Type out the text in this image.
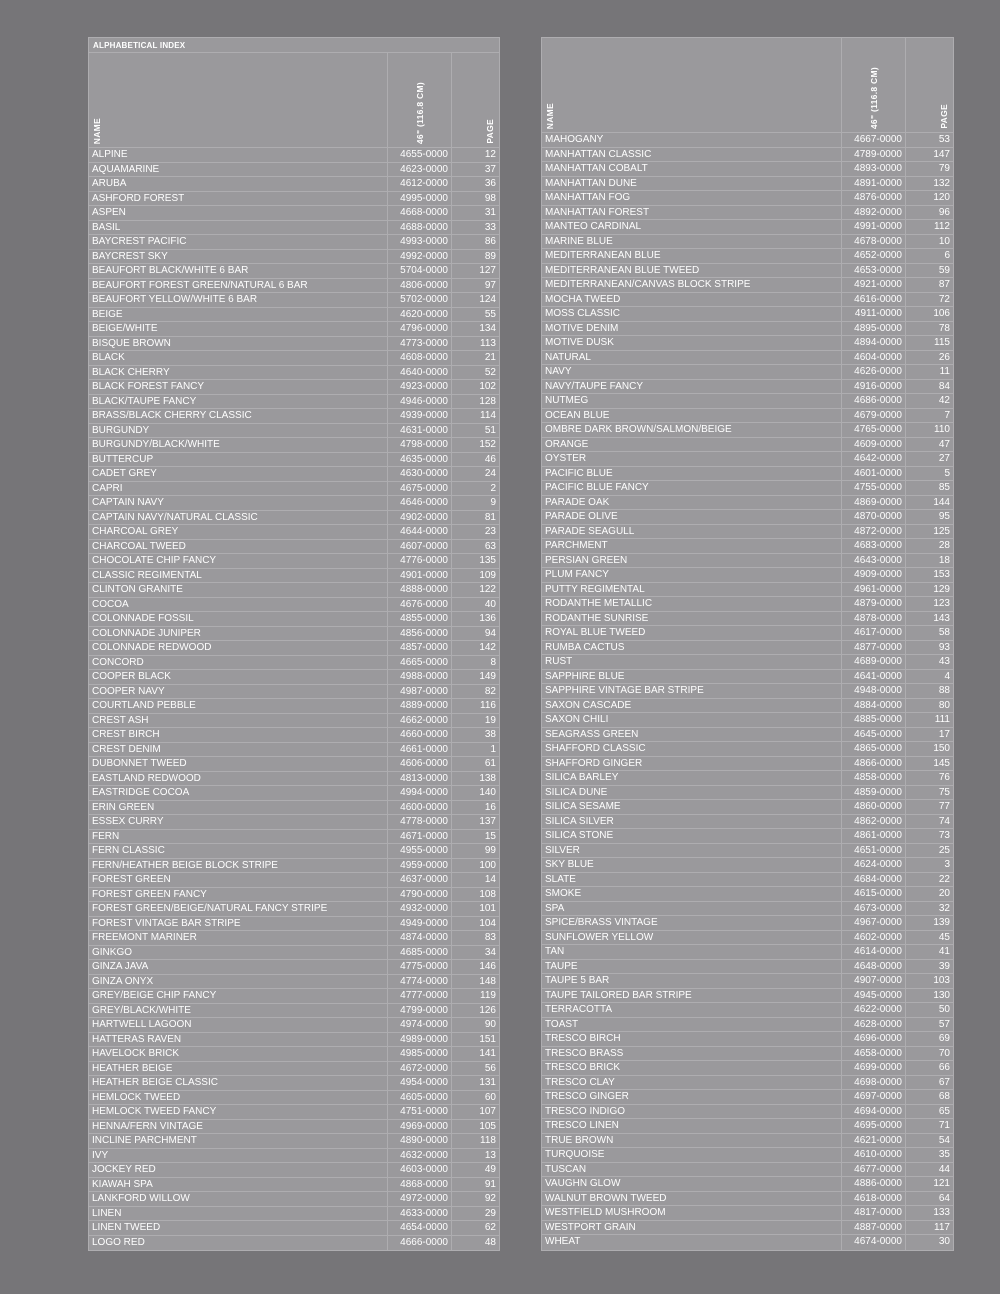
ALPHABETICAL INDEX
NAME	46" (116.8 CM)	PAGE
ALPINE	4655-0000	12
AQUAMARINE	4623-0000	37
ARUBA	4612-0000	36
ASHFORD FOREST	4995-0000	98
ASPEN	4668-0000	31
BASIL	4688-0000	33
BAYCREST PACIFIC	4993-0000	86
BAYCREST SKY	4992-0000	89
BEAUFORT BLACK/WHITE 6 BAR	5704-0000	127
BEAUFORT FOREST GREEN/NATURAL 6 BAR	4806-0000	97
BEAUFORT YELLOW/WHITE 6 BAR	5702-0000	124
BEIGE	4620-0000	55
BEIGE/WHITE	4796-0000	134
BISQUE BROWN	4773-0000	113
BLACK	4608-0000	21
BLACK CHERRY	4640-0000	52
BLACK FOREST FANCY	4923-0000	102
BLACK/TAUPE FANCY	4946-0000	128
BRASS/BLACK CHERRY CLASSIC	4939-0000	114
BURGUNDY	4631-0000	51
BURGUNDY/BLACK/WHITE	4798-0000	152
BUTTERCUP	4635-0000	46
CADET GREY	4630-0000	24
CAPRI	4675-0000	2
CAPTAIN NAVY	4646-0000	9
CAPTAIN NAVY/NATURAL CLASSIC	4902-0000	81
CHARCOAL GREY	4644-0000	23
CHARCOAL TWEED	4607-0000	63
CHOCOLATE CHIP FANCY	4776-0000	135
CLASSIC REGIMENTAL	4901-0000	109
CLINTON GRANITE	4888-0000	122
COCOA	4676-0000	40
COLONNADE FOSSIL	4855-0000	136
COLONNADE JUNIPER	4856-0000	94
COLONNADE REDWOOD	4857-0000	142
CONCORD	4665-0000	8
COOPER BLACK	4988-0000	149
COOPER NAVY	4987-0000	82
COURTLAND PEBBLE	4889-0000	116
CREST ASH	4662-0000	19
CREST BIRCH	4660-0000	38
CREST DENIM	4661-0000	1
DUBONNET TWEED	4606-0000	61
EASTLAND REDWOOD	4813-0000	138
EASTRIDGE COCOA	4994-0000	140
ERIN GREEN	4600-0000	16
ESSEX CURRY	4778-0000	137
FERN	4671-0000	15
FERN CLASSIC	4955-0000	99
FERN/HEATHER BEIGE BLOCK STRIPE	4959-0000	100
FOREST GREEN	4637-0000	14
FOREST GREEN FANCY	4790-0000	108
FOREST GREEN/BEIGE/NATURAL FANCY STRIPE	4932-0000	101
FOREST VINTAGE BAR STRIPE	4949-0000	104
FREEMONT MARINER	4874-0000	83
GINKGO	4685-0000	34
GINZA JAVA	4775-0000	146
GINZA ONYX	4774-0000	148
GREY/BEIGE CHIP FANCY	4777-0000	119
GREY/BLACK/WHITE	4799-0000	126
HARTWELL LAGOON	4974-0000	90
HATTERAS RAVEN	4989-0000	151
HAVELOCK BRICK	4985-0000	141
HEATHER BEIGE	4672-0000	56
HEATHER BEIGE CLASSIC	4954-0000	131
HEMLOCK TWEED	4605-0000	60
HEMLOCK TWEED FANCY	4751-0000	107
HENNA/FERN VINTAGE	4969-0000	105
INCLINE PARCHMENT	4890-0000	118
IVY	4632-0000	13
JOCKEY RED	4603-0000	49
KIAWAH SPA	4868-0000	91
LANKFORD WILLOW	4972-0000	92
LINEN	4633-0000	29
LINEN TWEED	4654-0000	62
LOGO RED	4666-0000	48
NAME	46" (116.8 CM)	PAGE
MAHOGANY	4667-0000	53
MANHATTAN CLASSIC	4789-0000	147
MANHATTAN COBALT	4893-0000	79
MANHATTAN DUNE	4891-0000	132
MANHATTAN FOG	4876-0000	120
MANHATTAN FOREST	4892-0000	96
MANTEO CARDINAL	4991-0000	112
MARINE BLUE	4678-0000	10
MEDITERRANEAN BLUE	4652-0000	6
MEDITERRANEAN BLUE TWEED	4653-0000	59
MEDITERRANEAN/CANVAS BLOCK STRIPE	4921-0000	87
MOCHA TWEED	4616-0000	72
MOSS CLASSIC	4911-0000	106
MOTIVE DENIM	4895-0000	78
MOTIVE DUSK	4894-0000	115
NATURAL	4604-0000	26
NAVY	4626-0000	11
NAVY/TAUPE FANCY	4916-0000	84
NUTMEG	4686-0000	42
OCEAN BLUE	4679-0000	7
OMBRE DARK BROWN/SALMON/BEIGE	4765-0000	110
ORANGE	4609-0000	47
OYSTER	4642-0000	27
PACIFIC BLUE	4601-0000	5
PACIFIC BLUE FANCY	4755-0000	85
PARADE OAK	4869-0000	144
PARADE OLIVE	4870-0000	95
PARADE SEAGULL	4872-0000	125
PARCHMENT	4683-0000	28
PERSIAN GREEN	4643-0000	18
PLUM FANCY	4909-0000	153
PUTTY REGIMENTAL	4961-0000	129
RODANTHE METALLIC	4879-0000	123
RODANTHE SUNRISE	4878-0000	143
ROYAL BLUE TWEED	4617-0000	58
RUMBA CACTUS	4877-0000	93
RUST	4689-0000	43
SAPPHIRE BLUE	4641-0000	4
SAPPHIRE VINTAGE BAR STRIPE	4948-0000	88
SAXON CASCADE	4884-0000	80
SAXON CHILI	4885-0000	111
SEAGRASS GREEN	4645-0000	17
SHAFFORD CLASSIC	4865-0000	150
SHAFFORD GINGER	4866-0000	145
SILICA BARLEY	4858-0000	76
SILICA DUNE	4859-0000	75
SILICA SESAME	4860-0000	77
SILICA SILVER	4862-0000	74
SILICA STONE	4861-0000	73
SILVER	4651-0000	25
SKY BLUE	4624-0000	3
SLATE	4684-0000	22
SMOKE	4615-0000	20
SPA	4673-0000	32
SPICE/BRASS VINTAGE	4967-0000	139
SUNFLOWER YELLOW	4602-0000	45
TAN	4614-0000	41
TAUPE	4648-0000	39
TAUPE 5 BAR	4907-0000	103
TAUPE TAILORED BAR STRIPE	4945-0000	130
TERRACOTTA	4622-0000	50
TOAST	4628-0000	57
TRESCO BIRCH	4696-0000	69
TRESCO BRASS	4658-0000	70
TRESCO BRICK	4699-0000	66
TRESCO CLAY	4698-0000	67
TRESCO GINGER	4697-0000	68
TRESCO INDIGO	4694-0000	65
TRESCO LINEN	4695-0000	71
TRUE BROWN	4621-0000	54
TURQUOISE	4610-0000	35
TUSCAN	4677-0000	44
VAUGHN GLOW	4886-0000	121
WALNUT BROWN TWEED	4618-0000	64
WESTFIELD MUSHROOM	4817-0000	133
WESTPORT GRAIN	4887-0000	117
WHEAT	4674-0000	30
